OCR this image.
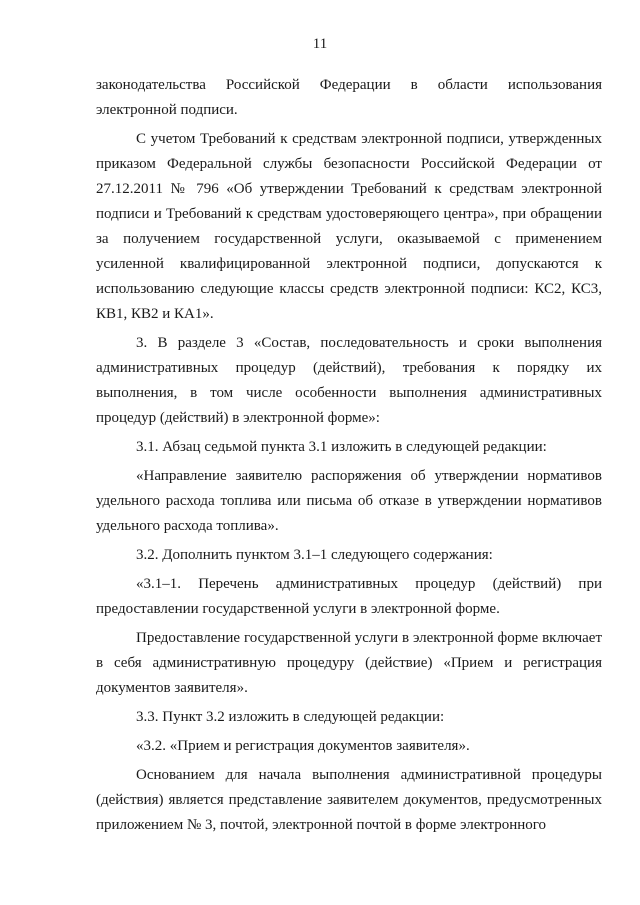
11

законодательства Российской Федерации в области использования электронной подписи.

С учетом Требований к средствам электронной подписи, утвержденных приказом Федеральной службы безопасности Российской Федерации от 27.12.2011 № 796 «Об утверждении Требований к средствам электронной подписи и Требований к средствам удостоверяющего центра», при обращении за получением государственной услуги, оказываемой с применением усиленной квалифицированной электронной подписи, допускаются к использованию следующие классы средств электронной подписи: КС2, КС3, КВ1, КВ2 и КА1».

3. В разделе 3 «Состав, последовательность и сроки выполнения административных процедур (действий), требования к порядку их выполнения, в том числе особенности выполнения административных процедур (действий) в электронной форме»:

3.1. Абзац седьмой пункта 3.1 изложить в следующей редакции:

«Направление заявителю распоряжения об утверждении нормативов удельного расхода топлива или письма об отказе в утверждении нормативов удельного расхода топлива».

3.2. Дополнить пунктом 3.1–1 следующего содержания:

«3.1–1. Перечень административных процедур (действий) при предоставлении государственной услуги в электронной форме.

Предоставление государственной услуги в электронной форме включает в себя административную процедуру (действие) «Прием и регистрация документов заявителя».

3.3. Пункт 3.2 изложить в следующей редакции:

«3.2. «Прием и регистрация документов заявителя».

Основанием для начала выполнения административной процедуры (действия) является представление заявителем документов, предусмотренных приложением № 3, почтой, электронной почтой в форме электронного
